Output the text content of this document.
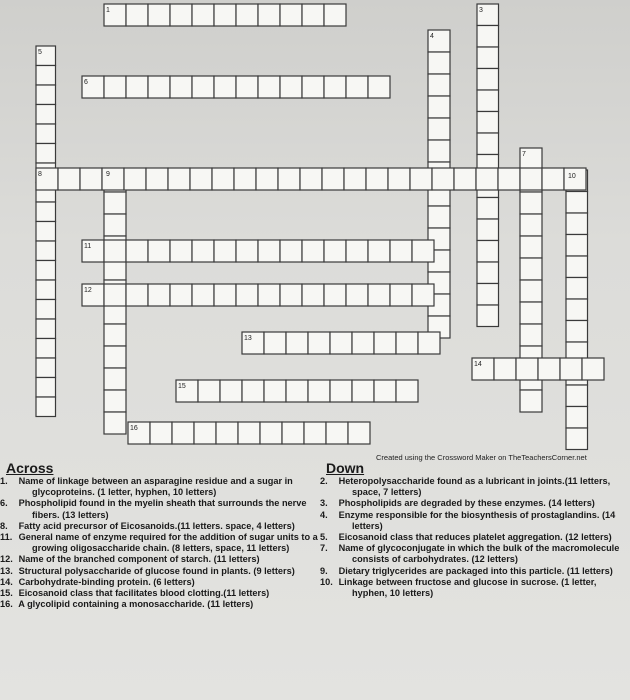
1	3
4
5
6
7
8	9	10
11
12
13
14
15
16
Created using the Crossword Maker on TheTeachersCorner.net
Across
1. Name of linkage between an asparagine residue and a sugar in glycoproteins. (1 letter, hyphen, 10 letters)
6. Phospholipid found in the myelin sheath that surrounds the nerve fibers. (13 letters)
8. Fatty acid precursor of Eicosanoids.(11 letters. space, 4 letters)
11. General name of enzyme required for the addition of sugar units to a growing oligosaccharide chain. (8 letters, space, 11 letters)
12. Name of the branched component of starch. (11 letters)
13. Structural polysaccharide of glucose found in plants. (9 letters)
14. Carbohydrate-binding protein. (6 letters)
15. Eicosanoid class that facilitates blood clotting.(11 letters)
16. A glycolipid containing a monosaccharide. (11 letters)
Down
2. Heteropolysaccharide found as a lubricant in joints.(11 letters, space, 7 letters)
3. Phospholipids are degraded by these enzymes. (14 letters)
4. Enzyme responsible for the biosynthesis of prostaglandins. (14 letters)
5. Eicosanoid class that reduces platelet aggregation. (12 letters)
7. Name of glycoconjugate in which the bulk of the macromolecule consists of carbohydrates. (12 letters)
9. Dietary triglycerides are packaged into this particle. (11 letters)
10. Linkage between fructose and glucose in sucrose. (1 letter, hyphen, 10 letters)
